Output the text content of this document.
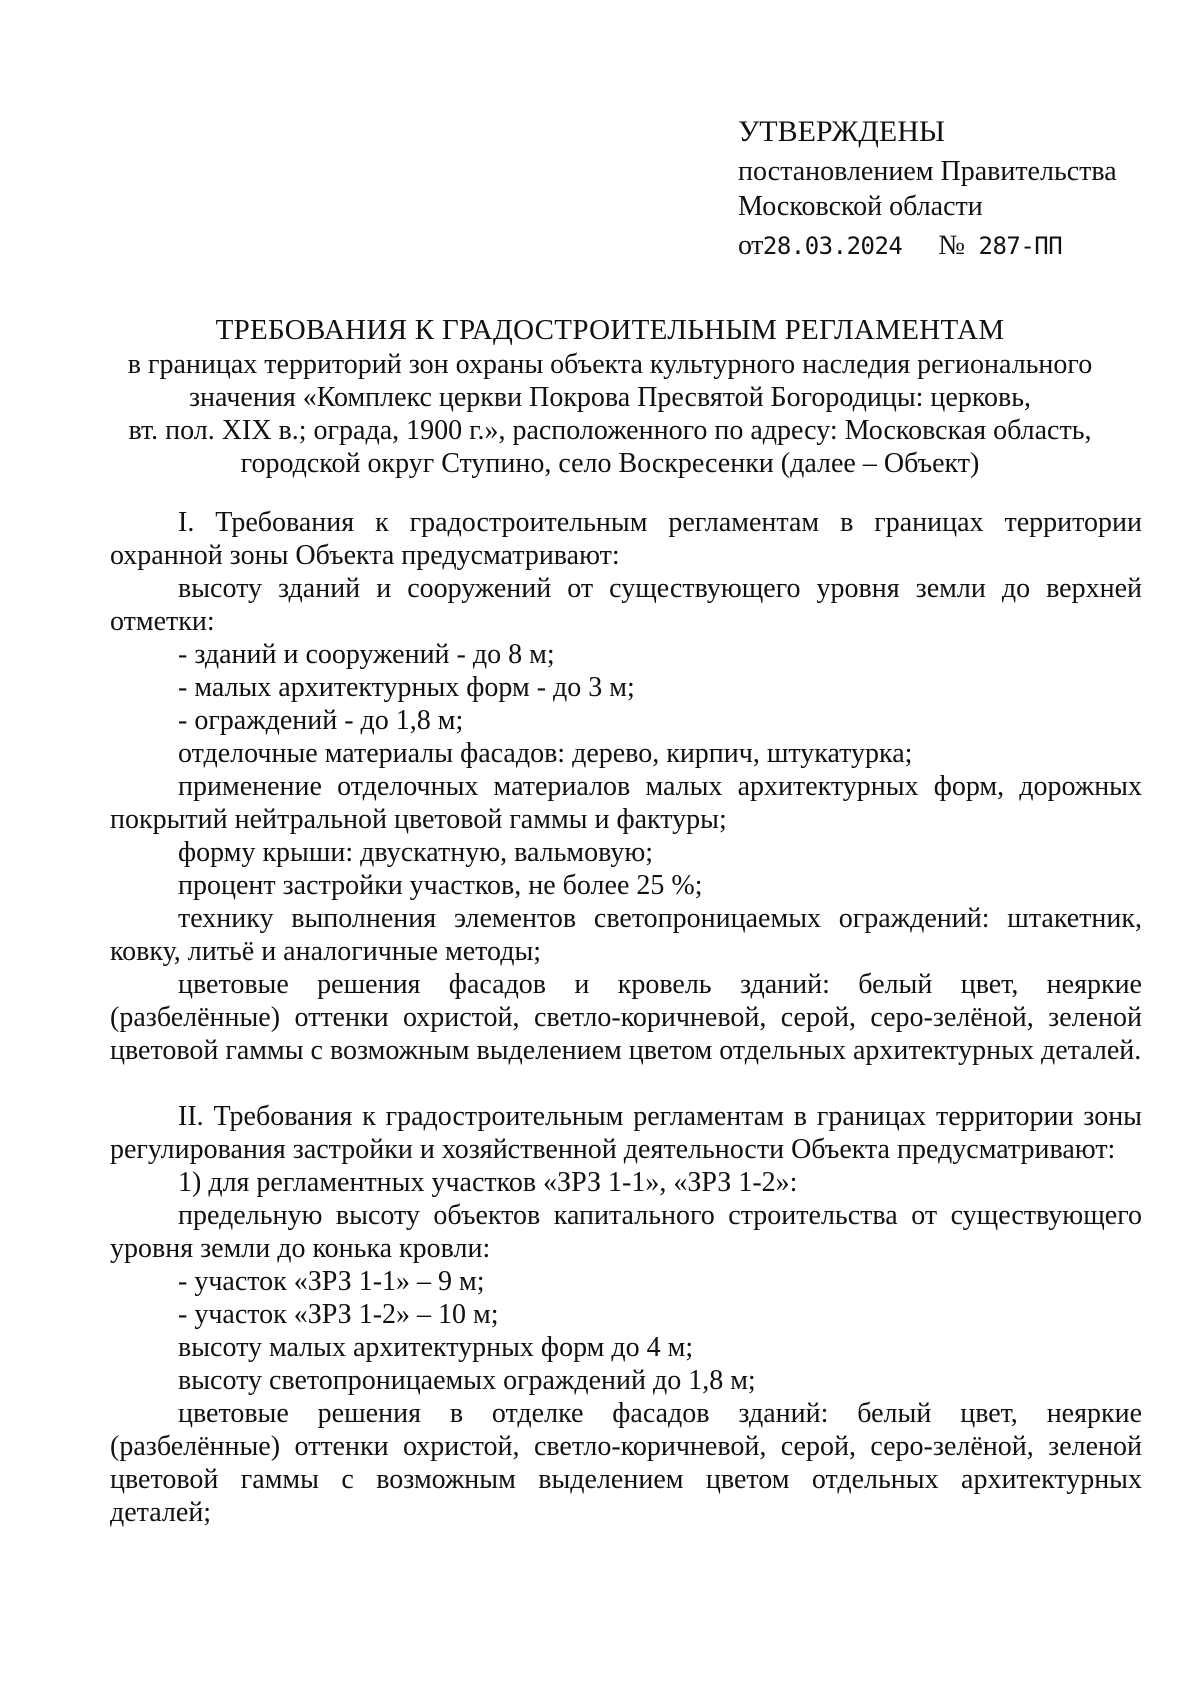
УТВЕРЖДЕНЫ
постановлением Правительства
Московской области
от28.03.2024 № 287-ПП
ТРЕБОВАНИЯ К ГРАДОСТРОИТЕЛЬНЫМ РЕГЛАМЕНТАМ
в границах территорий зон охраны объекта культурного наследия регионального
значения «Комплекс церкви Покрова Пресвятой Богородицы: церковь,
вт. пол. XIX в.; ограда, 1900 г.», расположенного по адресу: Московская область,
городской округ Ступино, село Воскресенки (далее – Объект)

I. Требования к градостроительным регламентам в границах территории охранной зоны Объекта предусматривают:

высоту зданий и сооружений от существующего уровня земли до верхней отметки:

- зданий и сооружений - до 8 м;

- малых архитектурных форм - до 3 м;

- ограждений - до 1,8 м;

отделочные материалы фасадов: дерево, кирпич, штукатурка;

применение отделочных материалов малых архитектурных форм, дорожных покрытий нейтральной цветовой гаммы и фактуры;

форму крыши: двускатную, вальмовую;

процент застройки участков, не более 25 %;

технику выполнения элементов светопроницаемых ограждений: штакетник, ковку, литьё и аналогичные методы;

цветовые решения фасадов и кровель зданий: белый цвет, неяркие (разбелённые) оттенки охристой, светло-коричневой, серой, серо-зелёной, зеленой цветовой гаммы с возможным выделением цветом отдельных архитектурных деталей.

II. Требования к градостроительным регламентам в границах территории зоны регулирования застройки и хозяйственной деятельности Объекта предусматривают:

1) для регламентных участков «ЗРЗ 1-1», «ЗРЗ 1-2»:

предельную высоту объектов капитального строительства от существующего уровня земли до конька кровли:

- участок «ЗРЗ 1-1» – 9 м;

- участок «ЗРЗ 1-2» – 10 м;

высоту малых архитектурных форм до 4 м;

высоту светопроницаемых ограждений до 1,8 м;

цветовые решения в отделке фасадов зданий: белый цвет, неяркие (разбелённые) оттенки охристой, светло-коричневой, серой, серо-зелёной, зеленой цветовой гаммы с возможным выделением цветом отдельных архитектурных деталей;
